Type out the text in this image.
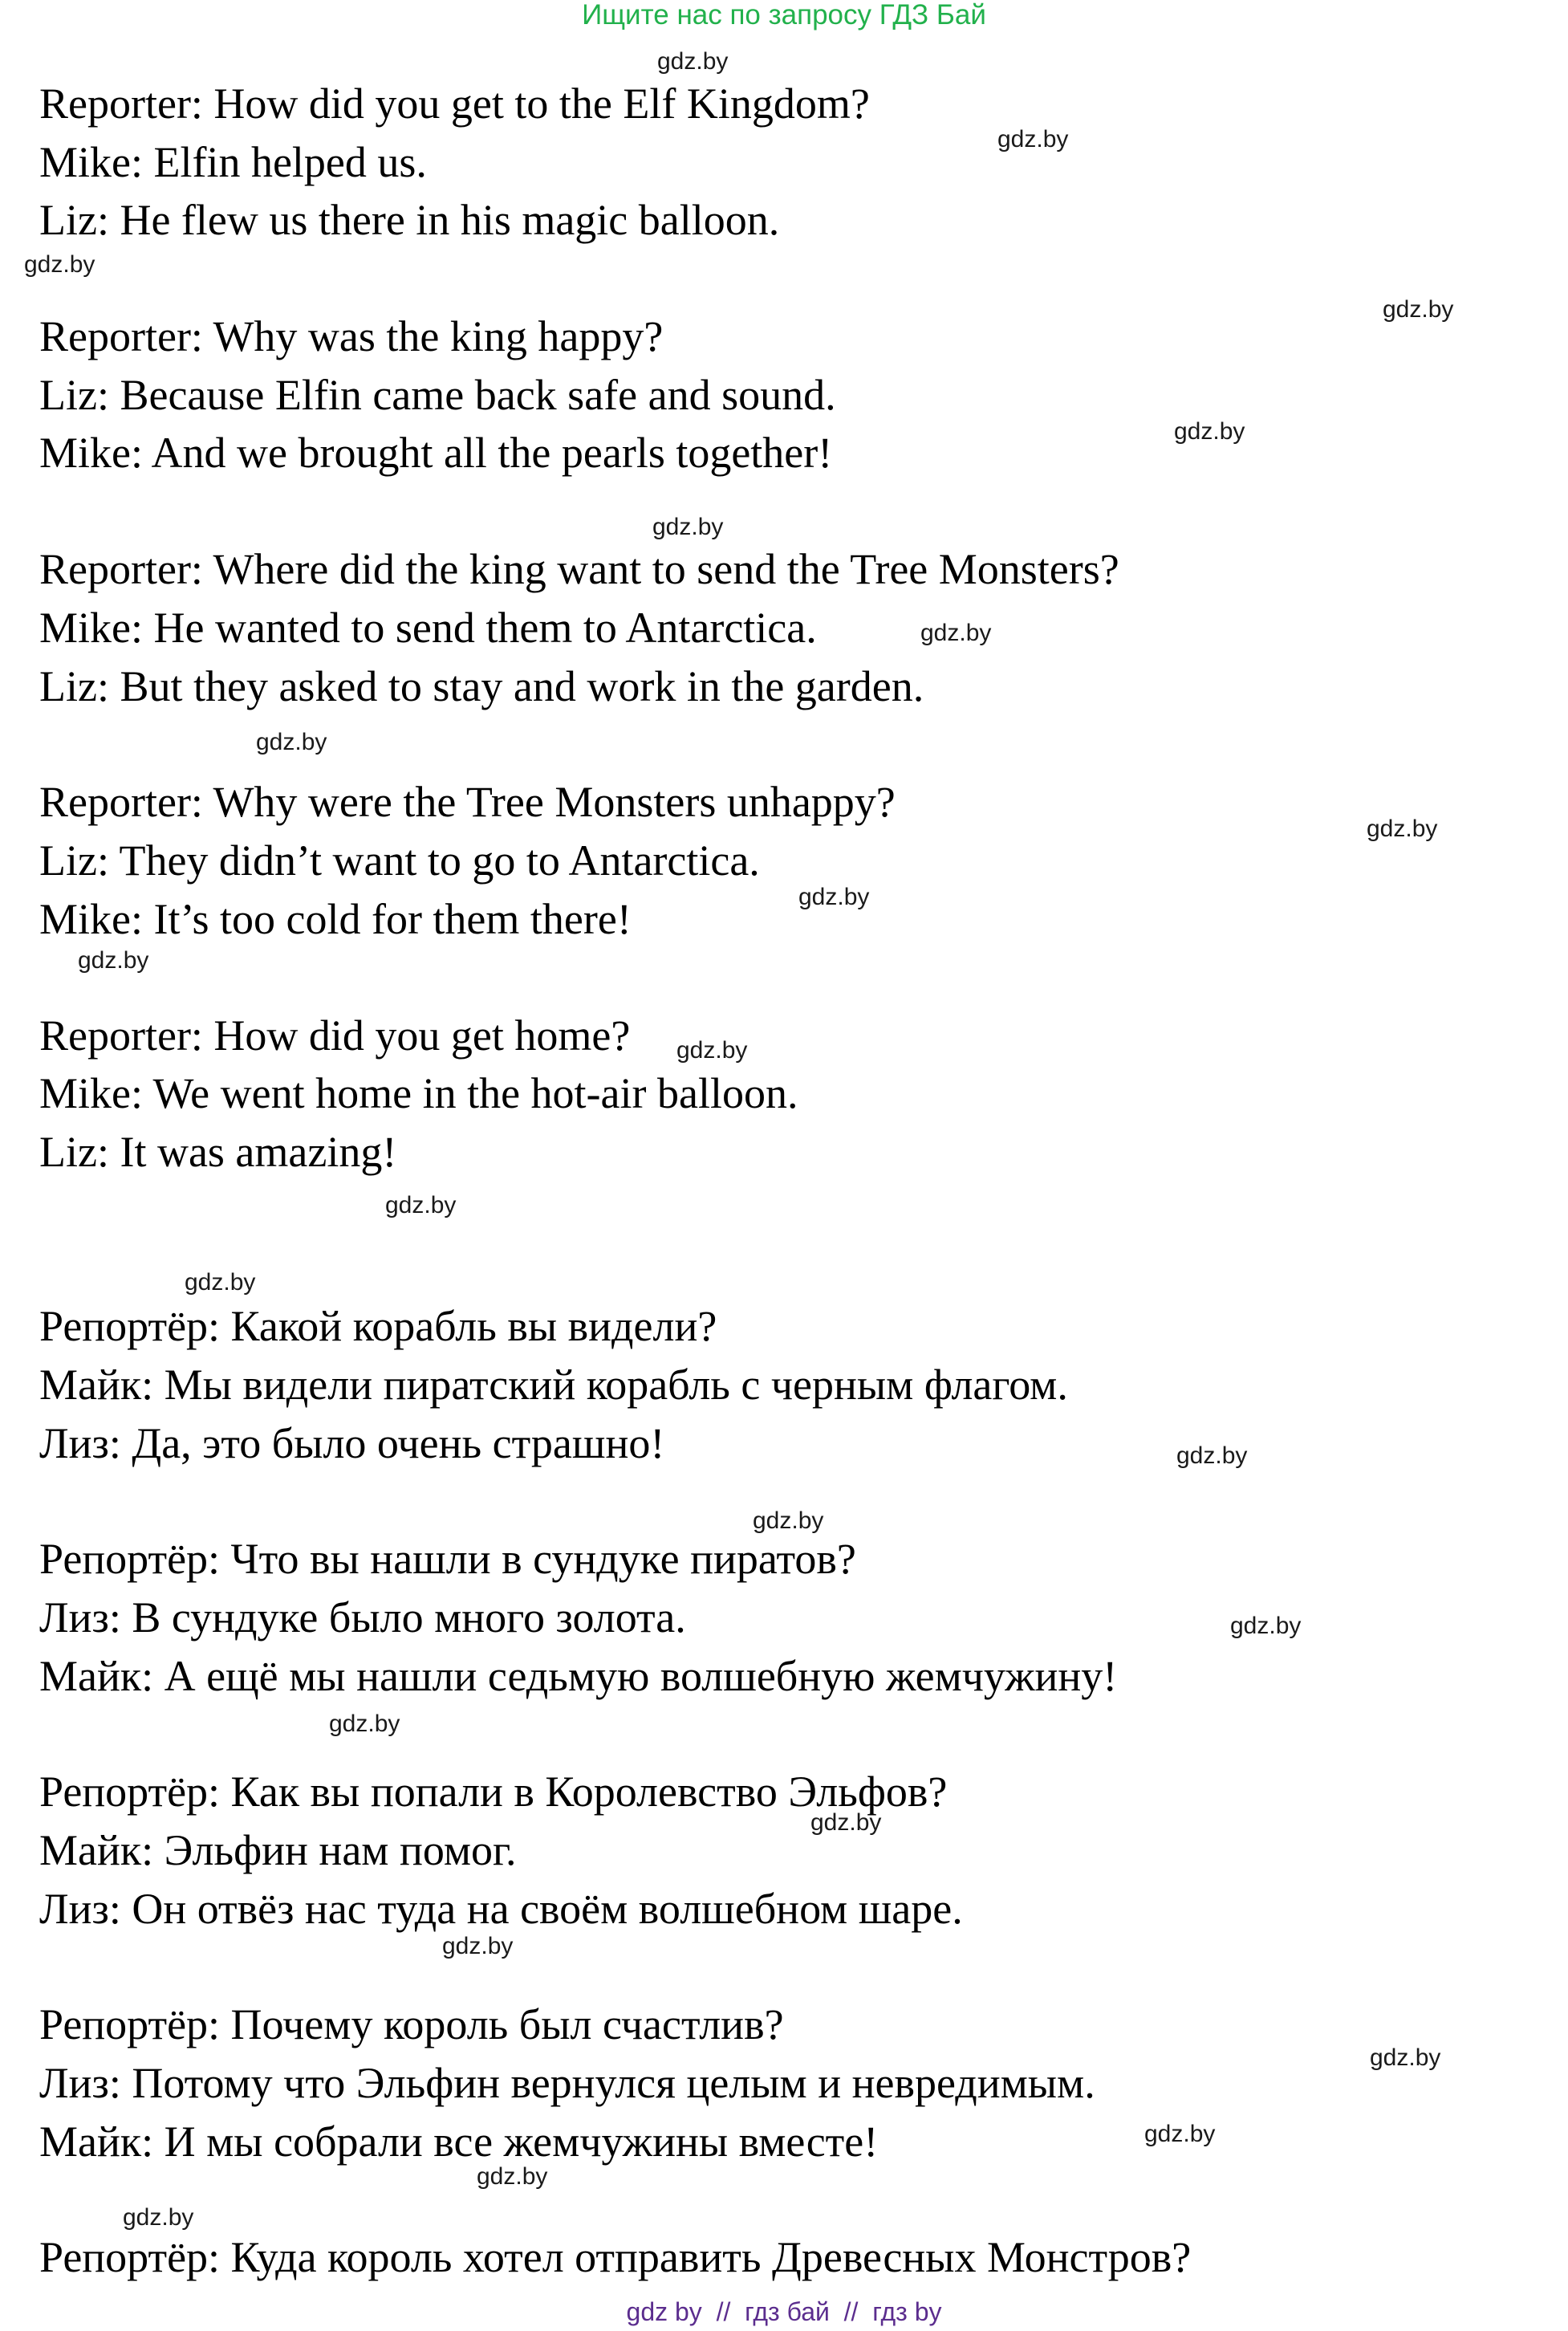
Ищите нас по запросу ГДЗ Бай
Reporter: How did you get to the Elf Kingdom?
Mike: Elfin helped us.
Liz: He flew us there in his magic balloon.
Reporter: Why was the king happy?
Liz: Because Elfin came back safe and sound.
Mike: And we brought all the pearls together!
Reporter: Where did the king want to send the Tree Monsters?
Mike: He wanted to send them to Antarctica.
Liz: But they asked to stay and work in the garden.
Reporter: Why were the Tree Monsters unhappy?
Liz: They didn’t want to go to Antarctica.
Mike: It’s too cold for them there!
Reporter: How did you get home?
Mike: We went home in the hot-air balloon.
Liz: It was amazing!
Репортёр: Какой корабль вы видели?
Майк: Мы видели пиратский корабль с черным флагом.
Лиз: Да, это было очень страшно!
Репортёр: Что вы нашли в сундуке пиратов?
Лиз: В сундуке было много золота.
Майк: А ещё мы нашли седьмую волшебную жемчужину!
Репортёр: Как вы попали в Королевство Эльфов?
Майк: Эльфин нам помог.
Лиз: Он отвёз нас туда на своём волшебном шаре.
Репортёр: Почему король был счастлив?
Лиз: Потому что Эльфин вернулся целым и невредимым.
Майк: И мы собрали все жемчужины вместе!
Репортёр: Куда король хотел отправить Древесных Монстров?
gdz.by
gdz.by
gdz.by
gdz.by
gdz.by
gdz.by
gdz.by
gdz.by
gdz.by
gdz.by
gdz.by
gdz.by
gdz.by
gdz.by
gdz.by
gdz.by
gdz.by
gdz.by
gdz.by
gdz.by
gdz.by
gdz.by
gdz.by
gdz.by
gdz by  //  гдз бай  //  гдз by
